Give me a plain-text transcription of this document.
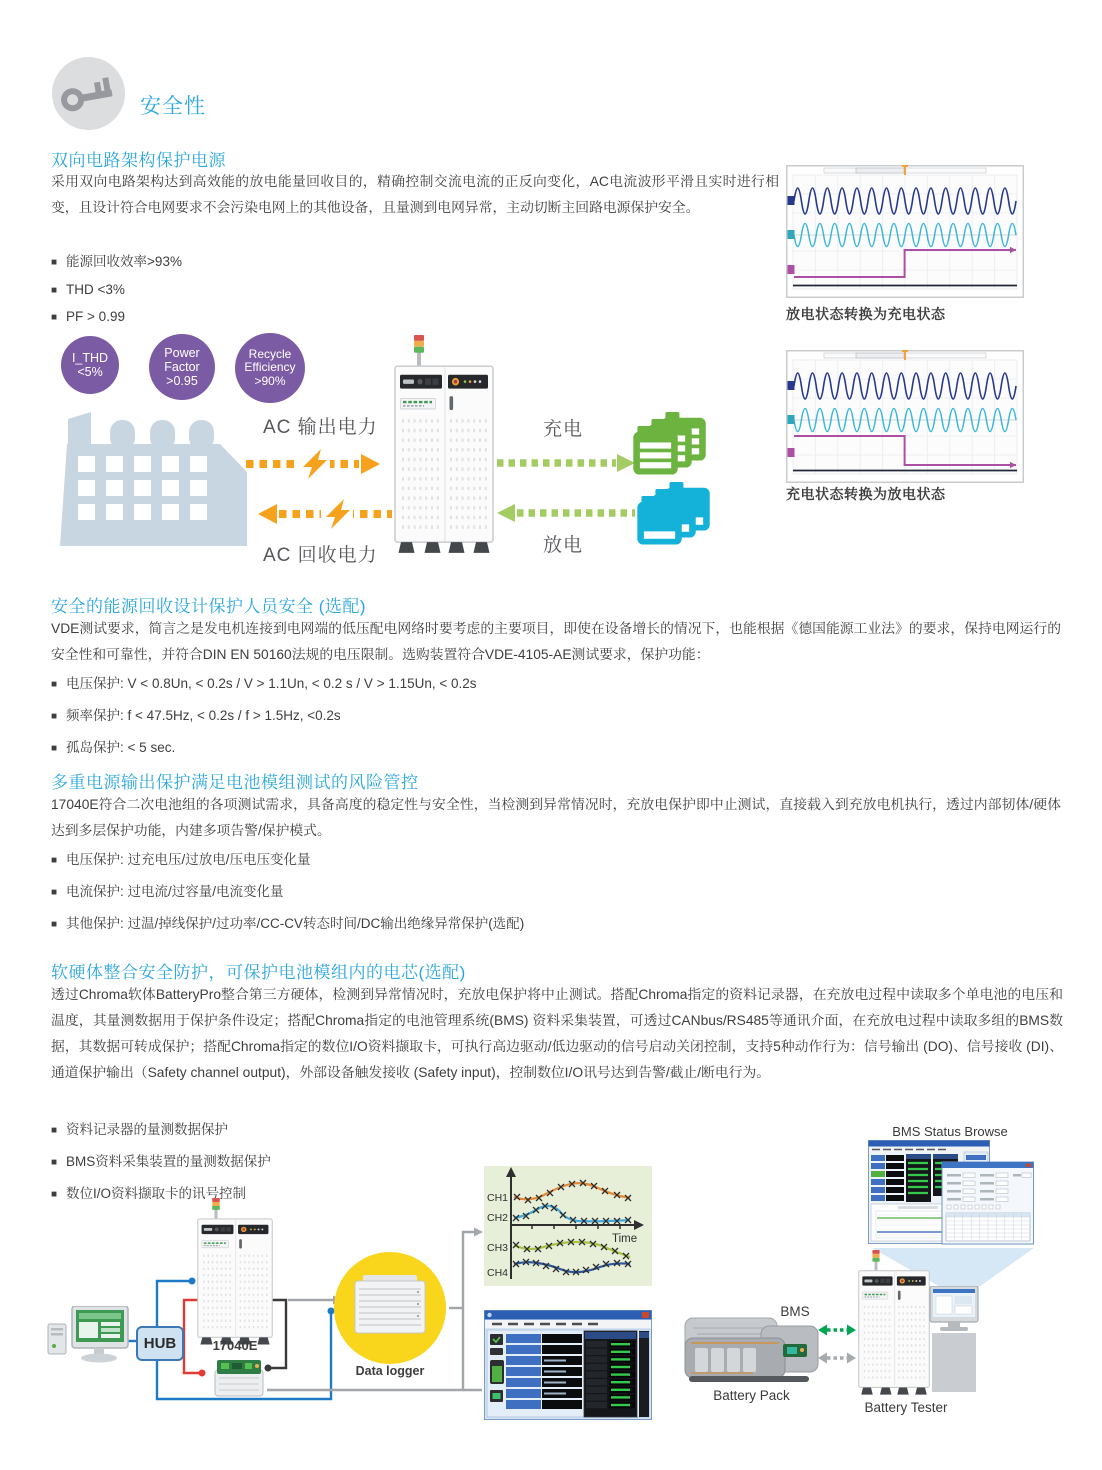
安全性
双向电路架构保护电源
采用双向电路架构达到高效能的放电能量回收目的，精确控制交流电流的正反向变化，AC电流波形平滑且实时进行相变，且设计符合电网要求不会污染电网上的其他设备，且量测到电网异常，主动切断主回路电源保护安全。
■ 能源回收效率>93%
■ THD <3%
■ PF > 0.99	放电状态转换为充电状态
充电状态转换为放电状态
I_THD
<5%
Power
Factor
>0.95
Recycle
Efficiency
>90%
AC 输出电力
AC 回收电力
充电
放电
安全的能源回收设计保护人员安全 (选配)
VDE测试要求，简言之是发电机连接到电网端的低压配电网络时要考虑的主要项目，即使在设备增长的情况下，也能根据《德国能源工业法》的要求，保持电网运行的安全性和可靠性，并符合DIN EN 50160法规的电压限制。选购装置符合VDE-4105-AE测试要求，保护功能：
■ 电压保护: V < 0.8Un, < 0.2s / V > 1.1Un, < 0.2 s / V > 1.15Un, < 0.2s
■ 频率保护: f < 47.5Hz, < 0.2s / f > 1.5Hz, <0.2s
■ 孤岛保护: < 5 sec.
多重电源输出保护满足电池模组测试的风险管控
17040E符合二次电池组的各项测试需求，具备高度的稳定性与安全性，当检测到异常情况时，充放电保护即中止测试，直接载入到充放电机执行，透过内部韧体/硬体达到多层保护功能，内建多项告警/保护模式。
■ 电压保护: 过充电压/过放电/压电压变化量
■ 电流保护: 过电流/过容量/电流变化量
■ 其他保护: 过温/掉线保护/过功率/CC-CV转态时间/DC输出绝缘异常保护(选配)
软硬体整合安全防护，可保护电池模组内的电芯(选配)
透过Chroma软体BatteryPro整合第三方硬体，检测到异常情况时，充放电保护将中止测试。搭配Chroma指定的资料记录器，在充放电过程中读取多个单电池的电压和温度，其量测数据用于保护条件设定；搭配Chroma指定的电池管理系统(BMS) 资料采集装置，可透过CANbus/RS485等通讯介面，在充放电过程中读取多组的BMS数据，其数据可转成保护；搭配Chroma指定的数位I/O资料撷取卡，可执行高边驱动/低边驱动的信号启动关闭控制，支持5种动作行为：信号输出 (DO)、信号接收 (DI)、通道保护输出（Safety channel output)，外部设备触发接收 (Safety input)，控制数位I/O讯号达到告警/截止/断电行为。
■ 资料记录器的量测数据保护
■ BMS资料采集装置的量测数据保护
■ 数位I/O资料撷取卡的讯号控制
HUB	17040E
Data logger
CH1
CH2
CH3
CH4
Time
BMS Status Browse
Battery Pack
BMS
Battery Tester
